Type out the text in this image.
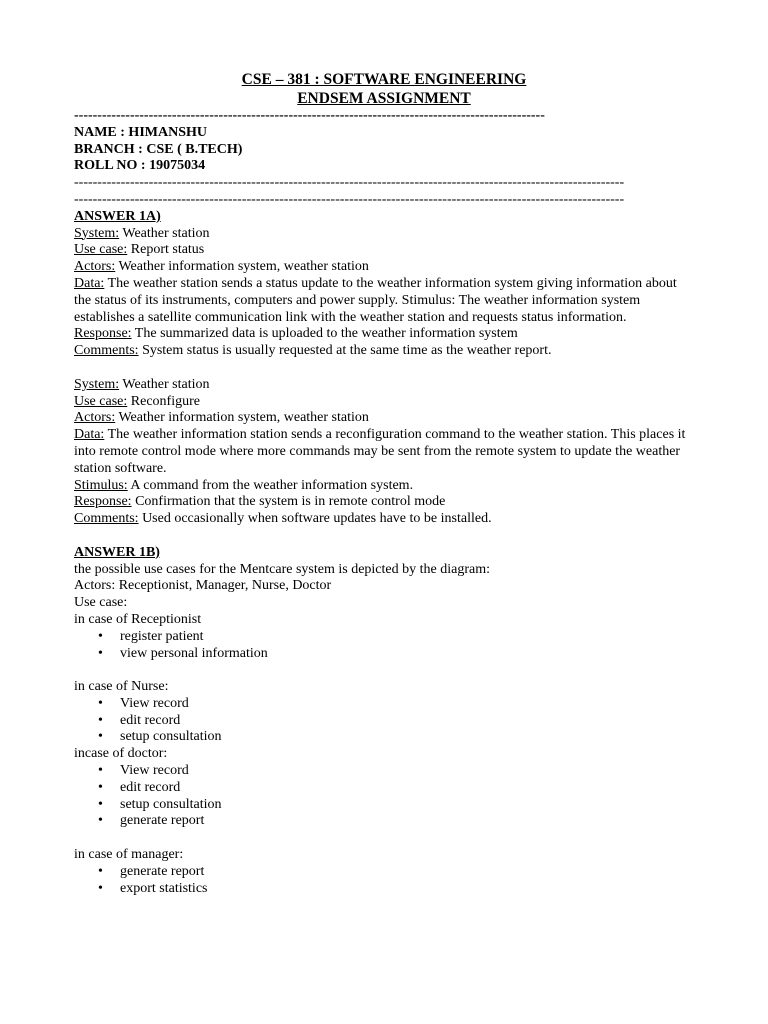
CSE – 381 : SOFTWARE ENGINEERING
ENDSEM ASSIGNMENT
-----------------------------------------------------------------------------------------------------
NAME : HIMANSHU
BRANCH : CSE ( B.TECH)
ROLL NO : 19075034
----------------------------------------------------------------------------------------------------------------------
----------------------------------------------------------------------------------------------------------------------
ANSWER 1A)
System: Weather station
Use case: Report status
Actors: Weather information system, weather station
Data: The weather station sends a status update to the weather information system giving information about the status of its instruments, computers and power supply. Stimulus: The weather information system establishes a satellite communication link with the weather station and requests status information.
Response: The summarized data is uploaded to the weather information system
Comments: System status is usually requested at the same time as the weather report.
System: Weather station
Use case: Reconfigure
Actors: Weather information system, weather station
Data: The weather information station sends a reconfiguration command to the weather station. This places it into remote control mode where more commands may be sent from the remote system to update the weather station software.
Stimulus: A command from the weather information system.
Response: Confirmation that the system is in remote control mode
Comments: Used occasionally when software updates have to be installed.
ANSWER 1B)
the possible use cases for the Mentcare system is depicted by the diagram:
Actors: Receptionist, Manager, Nurse, Doctor
Use case:
in case of Receptionist
• register patient
• view personal information
in case of Nurse:
• View record
• edit record
• setup consultation
incase of doctor:
• View record
• edit record
• setup consultation
• generate report
in case of manager:
• generate report
• export statistics
